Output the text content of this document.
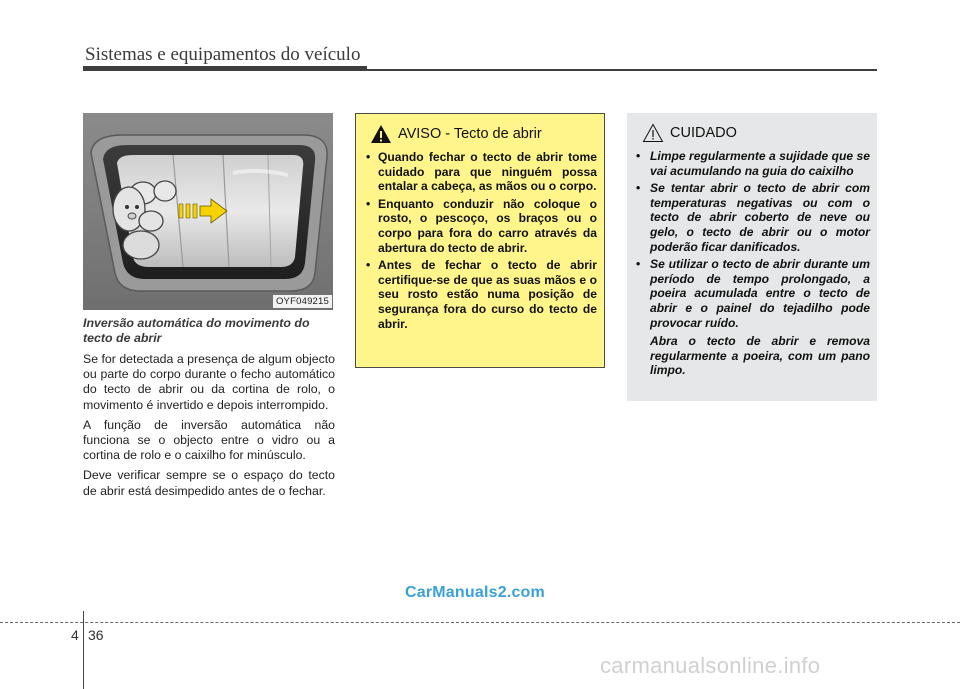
Sistemas e equipamentos do veículo
OYF049215
Inversão automática do movimento do tecto de abrir

Se for detectada a presença de algum objecto ou parte do corpo durante o fecho automático do tecto de abrir ou da cortina de rolo, o movimento é invertido e depois interrompido.

A função de inversão automática não funciona se o objecto entre o vidro ou a cortina de rolo e o caixilho for minúsculo.

Deve verificar sempre se o espaço do tecto de abrir está desimpedido antes de o fechar.

AVISO - Tecto de abrir
• Quando fechar o tecto de abrir tome cuidado para que ninguém possa entalar a cabeça, as mãos ou o corpo.
• Enquanto conduzir não coloque o rosto, o pescoço, os braços ou o corpo para fora do carro através da abertura do tecto de abrir.
• Antes de fechar o tecto de abrir certifique-se de que as suas mãos e o seu rosto estão numa posição de segurança fora do curso do tecto de abrir.
CUIDADO
• Limpe regularmente a sujidade que se vai acumulando na guia do caixilho
• Se tentar abrir o tecto de abrir com temperaturas negativas ou com o tecto de abrir coberto de neve ou gelo, o tecto de abrir ou o motor poderão ficar danificados.
• Se utilizar o tecto de abrir durante um período de tempo prolongado, a poeira acumulada entre o tecto de abrir e o painel do tejadilho pode provocar ruído.
Abra o tecto de abrir e remova regularmente a poeira, com um pano limpo.
CarManuals2.com
4 36
carmanualsonline.info
